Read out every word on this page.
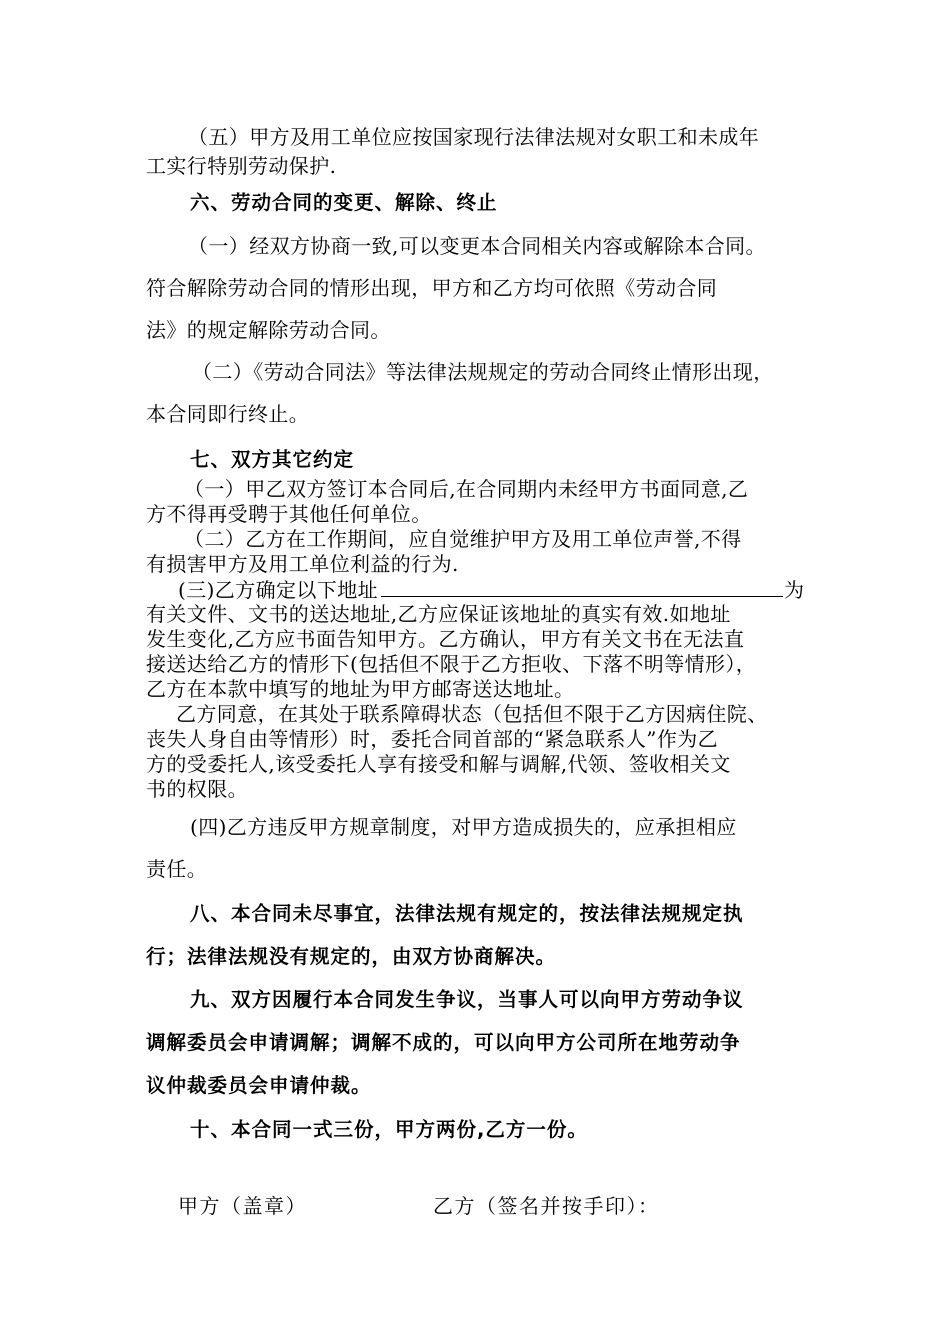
（五）甲方及用工单位应按国家现行法律法规对女职工和未成年
工实行特别劳动保护.
六、劳动合同的变更、解除、终止
（一）经双方协商一致,可以变更本合同相关内容或解除本合同。
符合解除劳动合同的情形出现，甲方和乙方均可依照《劳动合同
法》的规定解除劳动合同。
（二）《劳动合同法》等法律法规规定的劳动合同终止情形出现，
本合同即行终止。
七、双方其它约定
（一）甲乙双方签订本合同后,在合同期内未经甲方书面同意,乙
方不得再受聘于其他任何单位。
（二）乙方在工作期间，应自觉维护甲方及用工单位声誉,不得
有损害甲方及用工单位利益的行为.
(三)乙方确定以下地址	为
有关文件、文书的送达地址,乙方应保证该地址的真实有效.如地址
发生变化,乙方应书面告知甲方。乙方确认，甲方有关文书在无法直
接送达给乙方的情形下(包括但不限于乙方拒收、下落不明等情形），
乙方在本款中填写的地址为甲方邮寄送达地址。
乙方同意，在其处于联系障碍状态（包括但不限于乙方因病住院、
丧失人身自由等情形）时，委托合同首部的“紧急联系人”作为乙
方的受委托人,该受委托人享有接受和解与调解,代领、签收相关文
书的权限。
(四)乙方违反甲方规章制度，对甲方造成损失的，应承担相应
责任。
八、本合同未尽事宜，法律法规有规定的，按法律法规规定执
行；法律法规没有规定的，由双方协商解决。
九、双方因履行本合同发生争议，当事人可以向甲方劳动争议
调解委员会申请调解；调解不成的，可以向甲方公司所在地劳动争
议仲裁委员会申请仲裁。
十、本合同一式三份，甲方两份,乙方一份。
甲方（盖章）	乙方（签名并按手印）：
